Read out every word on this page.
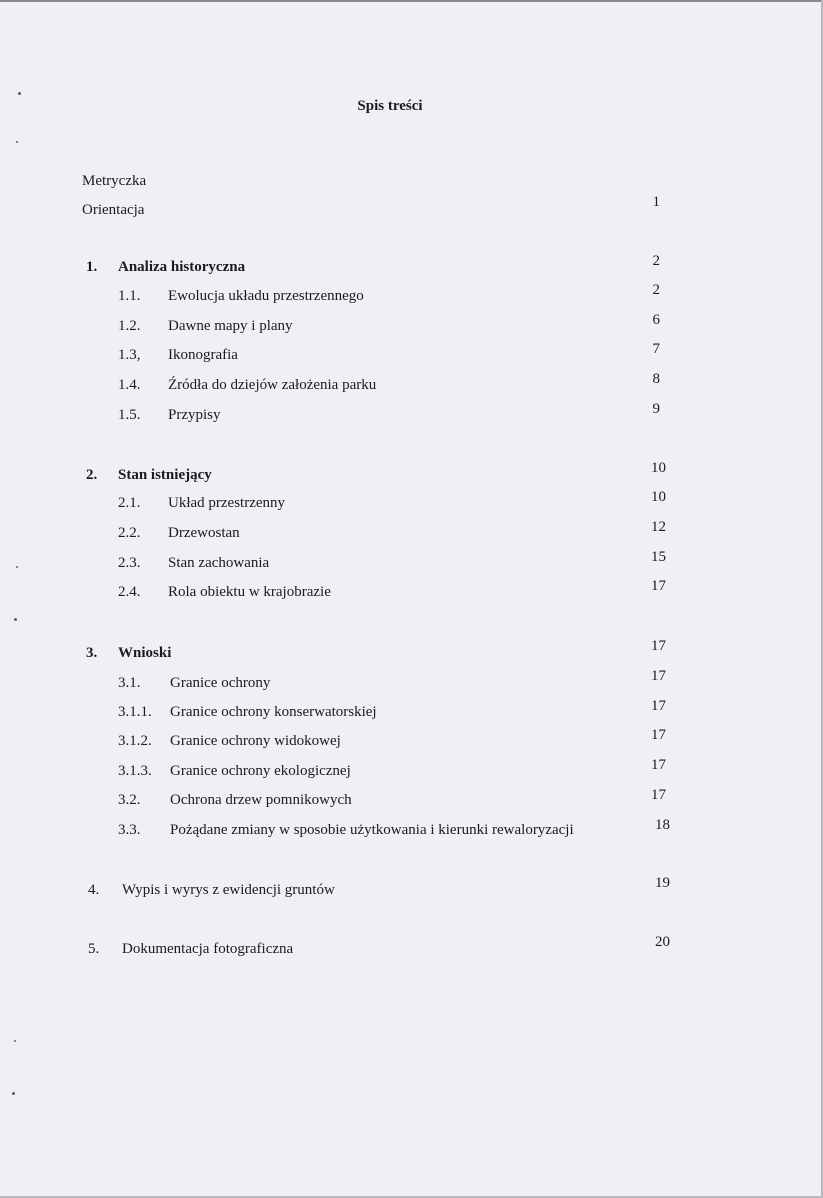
Spis treści
Metryczka
Orientacja	1
1. Analiza historyczna	2
1.1. Ewolucja układu przestrzennego	2
1.2. Dawne mapy i plany	6
1.3, Ikonografia	7
1.4. Źródła do dziejów założenia parku	8
1.5. Przypisy	9
2. Stan istniejący	10
2.1. Układ przestrzenny	10
2.2. Drzewostan	12
2.3. Stan zachowania	15
2.4. Rola obiektu w krajobrazie	17
3. Wnioski	17
3.1. Granice ochrony	17
3.1.1. Granice ochrony konserwatorskiej	17
3.1.2. Granice ochrony widokowej	17
3.1.3. Granice ochrony ekologicznej	17
3.2. Ochrona drzew pomnikowych	17
3.3. Pożądane zmiany w sposobie użytkowania i kierunki rewaloryzacji	18
4. Wypis i wyrys z ewidencji gruntów	19
5. Dokumentacja fotograficzna	20
